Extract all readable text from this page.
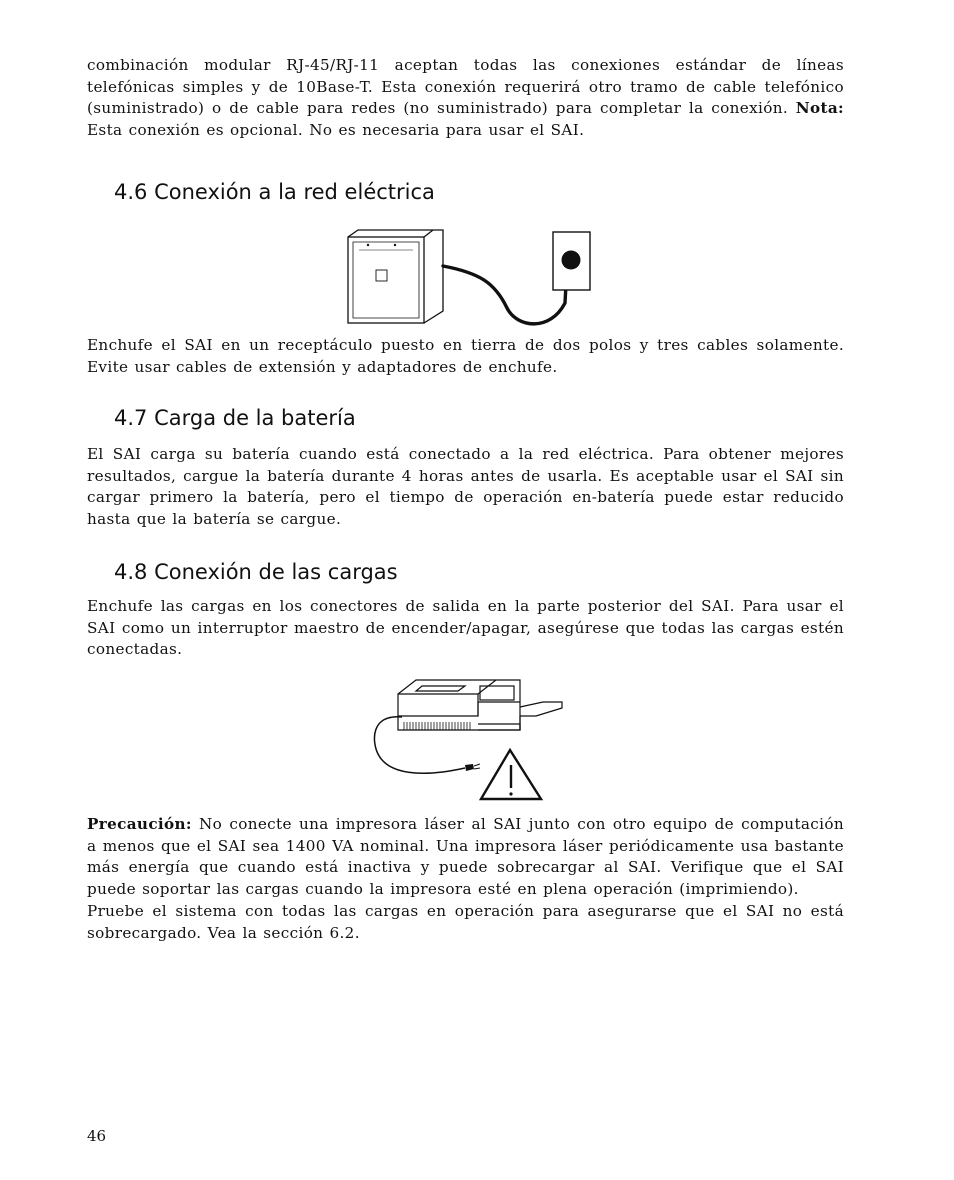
combinación modular RJ-45/RJ-11 aceptan todas las conexiones estándar de líneas telefónicas simples y de 10Base-T. Esta conexión requerirá otro tramo de cable telefónico (suministrado) o de cable para redes (no suministrado) para completar la conexión. Nota: Esta conexión es opcional. No es necesaria para usar el SAI.

4.6 Conexión a la red eléctrica

Enchufe el SAI en un receptáculo puesto en tierra de dos polos y tres cables solamente. Evite usar cables de extensión y adaptadores de enchufe.

4.7 Carga de la batería

El SAI carga su batería cuando está conectado a la red eléctrica. Para obtener mejores resultados, cargue la batería durante 4 horas antes de usarla. Es aceptable usar el SAI sin cargar primero la batería, pero el tiempo de operación en-batería puede estar reducido hasta que la batería se cargue.

4.8 Conexión de las cargas

Enchufe las cargas en los conectores de salida en la parte posterior del SAI. Para usar el SAI como un interruptor maestro de encender/apagar, asegúrese que todas las cargas estén conectadas.

Precaución: No conecte una impresora láser al SAI junto con otro equipo de computación a menos que el SAI sea 1400 VA nominal. Una impresora láser periódicamente usa bastante más energía que cuando está inactiva y puede sobrecargar al SAI. Verifique que el SAI puede soportar las cargas cuando la impresora esté en plena operación (imprimiendo).

Pruebe el sistema con todas las cargas en operación para asegurarse que el SAI no está sobrecargado. Vea la sección 6.2.

46
